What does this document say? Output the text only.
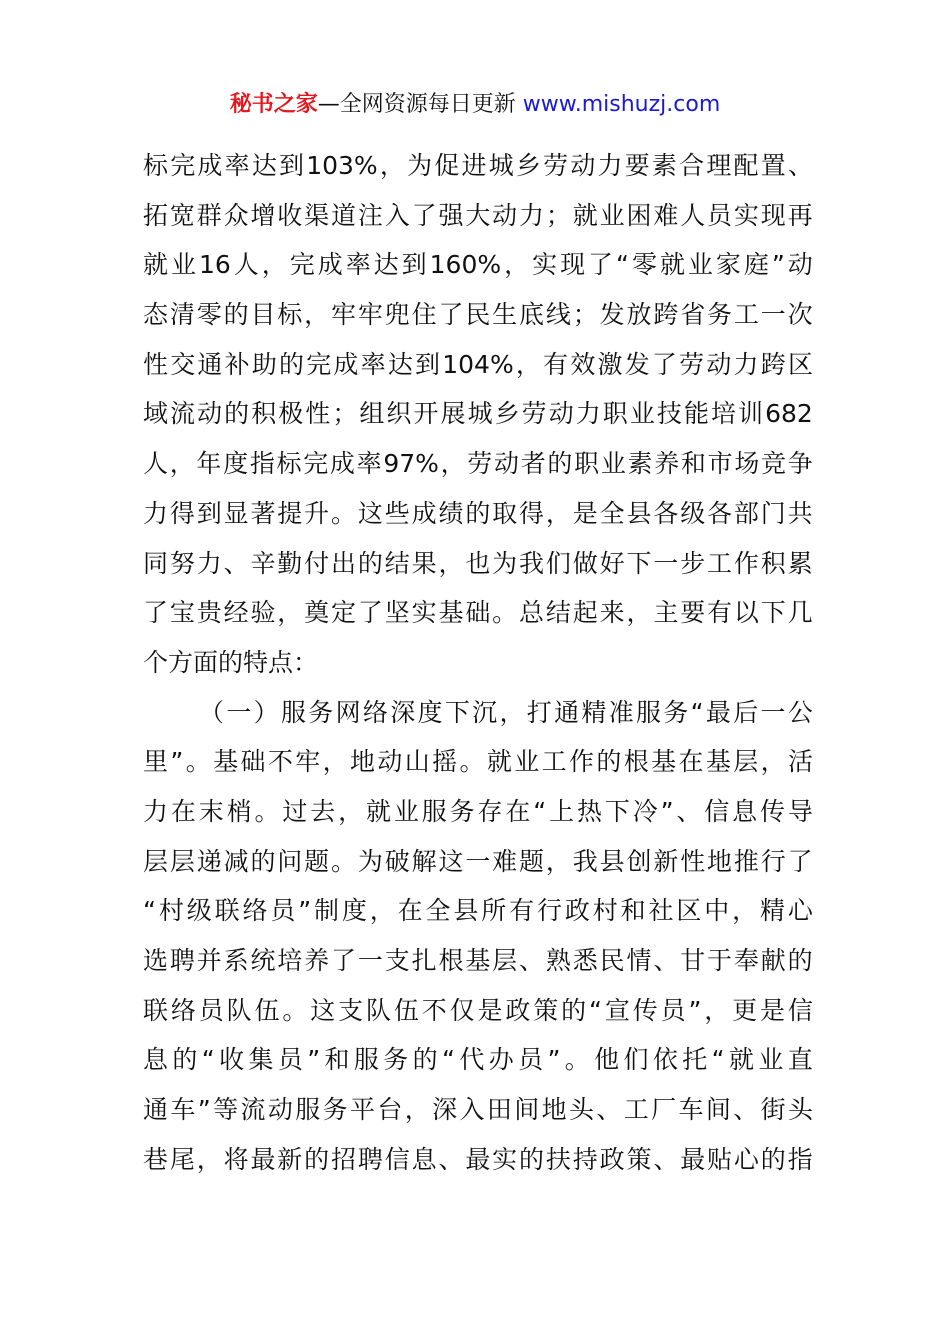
秘书之家—全网资源每日更新 www.mishuzj.com
标 完 成 率 达 到 103% ， 为 促 进 城 乡 劳 动 力 要 素 合 理 配 置 、
拓 宽 群 众 增 收 渠 道 注 入 了 强 大 动 力 ； 就 业 困 难 人 员 实 现 再
就 业 16 人 ， 完 成 率 达 到 160% ， 实 现 了 “ 零 就 业 家 庭 ” 动
态 清 零 的 目 标 ， 牢 牢 兜 住 了 民 生 底 线 ； 发 放 跨 省 务 工 一 次
性 交 通 补 助 的 完 成 率 达 到 104% ， 有 效 激 发 了 劳 动 力 跨 区
域 流 动 的 积 极 性 ； 组 织 开 展 城 乡 劳 动 力 职 业 技 能 培 训 682
人 ， 年 度 指 标 完 成 率 97% ， 劳 动 者 的 职 业 素 养 和 市 场 竞 争
力 得 到 显 著 提 升 。 这 些 成 绩 的 取 得 ， 是 全 县 各 级 各 部 门 共
同 努 力 、 辛 勤 付 出 的 结 果 ， 也 为 我 们 做 好 下 一 步 工 作 积 累
了 宝 贵 经 验 ， 奠 定 了 坚 实 基 础 。 总 结 起 来 ， 主 要 有 以 下 几
个方面的特点：
（ 一 ） 服 务 网 络 深 度 下 沉 ， 打 通 精 准 服 务 “ 最 后 一 公
里 ” 。 基 础 不 牢 ， 地 动 山 摇 。 就 业 工 作 的 根 基 在 基 层 ， 活
力 在 末 梢 。 过 去 ， 就 业 服 务 存 在 “ 上 热 下 冷 ” 、 信 息 传 导
层 层 递 减 的 问 题 。 为 破 解 这 一 难 题 ， 我 县 创 新 性 地 推 行 了
“ 村 级 联 络 员 ” 制 度 ， 在 全 县 所 有 行 政 村 和 社 区 中 ， 精 心
选 聘 并 系 统 培 养 了 一 支 扎 根 基 层 、 熟 悉 民 情 、 甘 于 奉 献 的
联 络 员 队 伍 。 这 支 队 伍 不 仅 是 政 策 的 “ 宣 传 员 ” ， 更 是 信
息 的 “ 收 集 员 ” 和 服 务 的 “ 代 办 员 ” 。 他 们 依 托 “ 就 业 直
通 车 ” 等 流 动 服 务 平 台 ， 深 入 田 间 地 头 、 工 厂 车 间 、 街 头
巷 尾 ， 将 最 新 的 招 聘 信 息 、 最 实 的 扶 持 政 策 、 最 贴 心 的 指
